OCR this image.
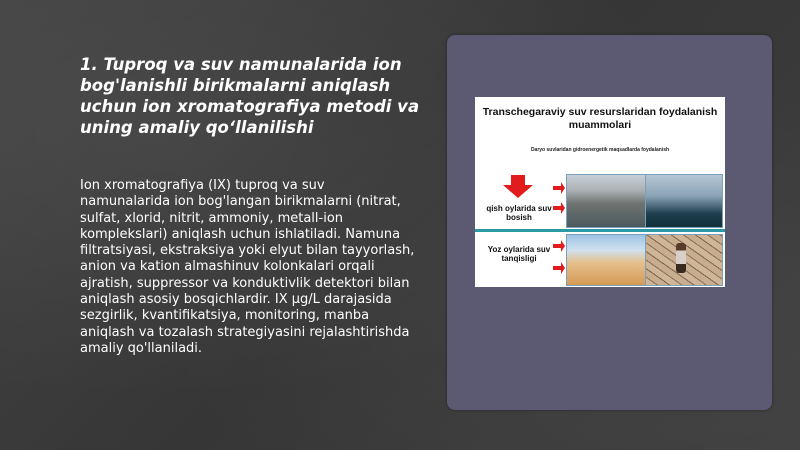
1. Tuproq va suv namunalarida ion bog'lanishli birikmalarni aniqlash uchun ion xromatografiya metodi va uning amaliy qo‘llanilishi

Ion xromatografiya (IX) tuproq va suv namunalarida ion bog'langan birikmalarni (nitrat, sulfat, xlorid, nitrit, ammoniy, metall-ion komplekslari) aniqlash uchun ishlatiladi. Namuna filtratsiyasi, ekstraksiya yoki elyut bilan tayyorlash, anion va kation almashinuv kolonkalari orqali ajratish, suppressor va konduktivlik detektori bilan aniqlash asosiy bosqichlardir. IX µg/L darajasida sezgirlik, kvantifikatsiya, monitoring, manba aniqlash va tozalash strategiyasini rejalashtirishda amaliy qo'llaniladi.

Transchegaraviy suv resurslaridan foydalanish muammolari
Daryo suvlaridan gidroenergetik maqsadlarda foydalanish
qish oylarida suv bosish
Yoz oylarida suv tanqisligi
